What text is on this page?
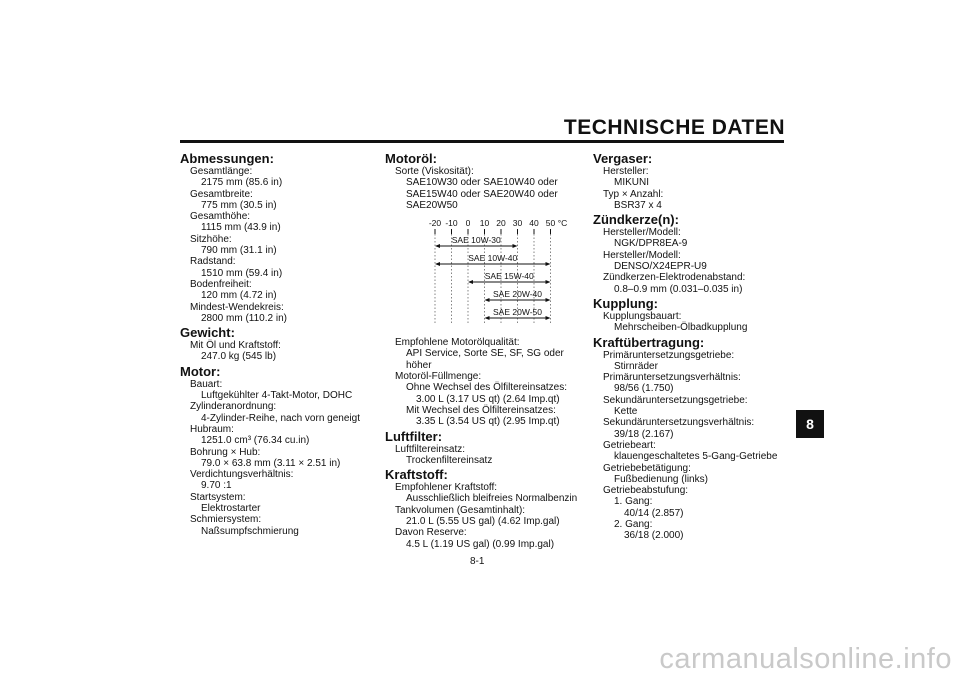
TECHNISCHE DATEN
Abmessungen:
Gesamtlänge:
2175 mm (85.6 in)
Gesamtbreite:
775 mm (30.5 in)
Gesamthöhe:
1115 mm (43.9 in)
Sitzhöhe:
790 mm (31.1 in)
Radstand:
1510 mm (59.4 in)
Bodenfreiheit:
120 mm (4.72 in)
Mindest-Wendekreis:
2800 mm (110.2 in)
Gewicht:
Mit Öl und Kraftstoff:
247.0 kg (545 lb)
Motor:
Bauart:
Luftgekühlter 4-Takt-Motor, DOHC
Zylinderanordnung:
4-Zylinder-Reihe, nach vorn geneigt
Hubraum:
1251.0 cm³ (76.34 cu.in)
Bohrung × Hub:
79.0 × 63.8 mm (3.11 × 2.51 in)
Verdichtungsverhältnis:
9.70 :1
Startsystem:
Elektrostarter
Schmiersystem:
Naßsumpfschmierung
Motoröl:
Sorte (Viskosität):
SAE10W30 oder SAE10W40 oder
SAE15W40 oder SAE20W40 oder
SAE20W50
-20 -10 0 10 20 30 40 50 °C
SAE 10W-30
SAE 10W-40
SAE 15W-40
SAE 20W-40
SAE 20W-50
Empfohlene Motorölqualität:
API Service, Sorte SE, SF, SG oder höher
Motoröl-Füllmenge:
Ohne Wechsel des Ölfiltereinsatzes:
3.00 L (3.17 US qt) (2.64 Imp.qt)
Mit Wechsel des Ölfiltereinsatzes:
3.35 L (3.54 US qt) (2.95 Imp.qt)
Luftfilter:
Luftfiltereinsatz:
Trockenfiltereinsatz
Kraftstoff:
Empfohlener Kraftstoff:
Ausschließlich bleifreies Normalbenzin
Tankvolumen (Gesamtinhalt):
21.0 L (5.55 US gal) (4.62 Imp.gal)
Davon Reserve:
4.5 L (1.19 US gal) (0.99 Imp.gal)
Vergaser:
Hersteller:
MIKUNI
Typ × Anzahl:
BSR37 x 4
Zündkerze(n):
Hersteller/Modell:
NGK/DPR8EA-9
Hersteller/Modell:
DENSO/X24EPR-U9
Zündkerzen-Elektrodenabstand:
0.8–0.9 mm (0.031–0.035 in)
Kupplung:
Kupplungsbauart:
Mehrscheiben-Ölbadkupplung
Kraftübertragung:
Primäruntersetzungsgetriebe:
Stirnräder
Primäruntersetzungsverhältnis:
98/56 (1.750)
Sekundäruntersetzungsgetriebe:
Kette
Sekundäruntersetzungsverhältnis:
39/18 (2.167)
Getriebeart:
klauengeschaltetes 5-Gang-Getriebe
Getriebebetätigung:
Fußbedienung (links)
Getriebeabstufung:
1. Gang:
40/14 (2.857)
2. Gang:
36/18 (2.000)
8
8-1
carmanualsonline.info
